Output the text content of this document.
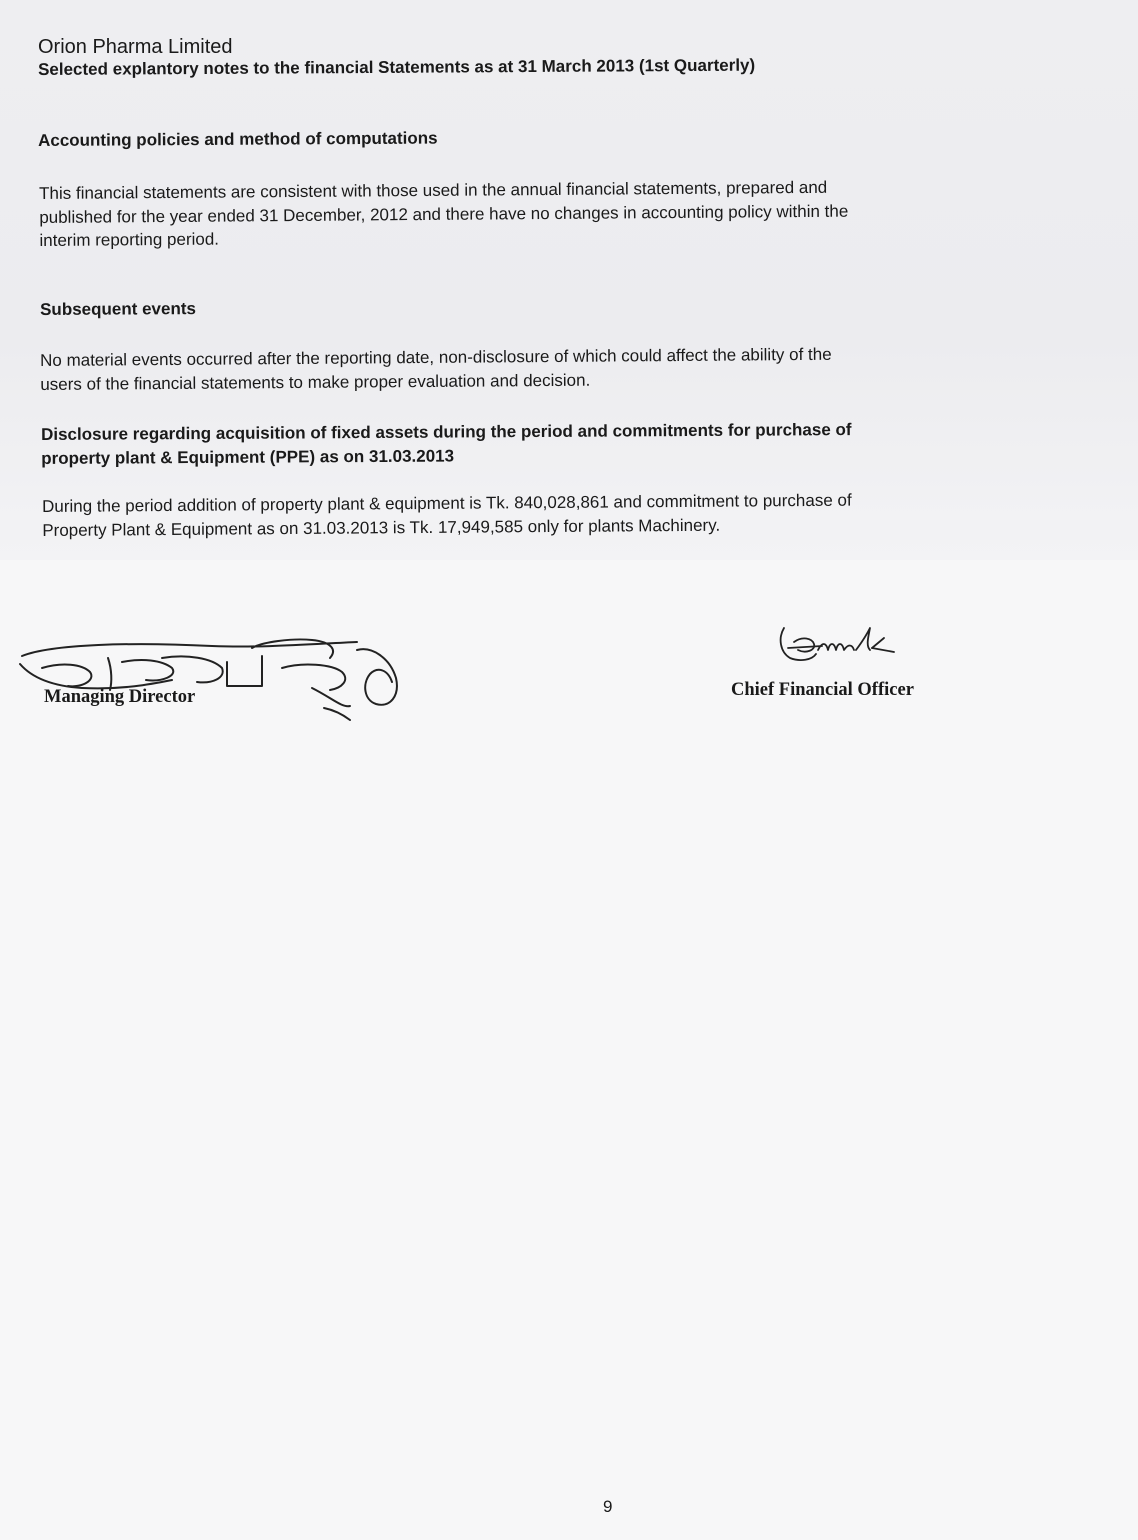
Orion Pharma Limited
Selected explantory notes to the financial Statements as at 31 March 2013 (1st Quarterly)
Accounting policies and method of computations
This financial statements are consistent with those used in the annual financial statements, prepared and
published for the year ended 31 December, 2012 and there have no changes in accounting policy within the
interim reporting period.
Subsequent events
No material events occurred after the reporting date, non-disclosure of which could affect the ability of the
users of the financial statements to make proper evaluation and decision.
Disclosure regarding acquisition of fixed assets during the period and commitments for purchase of
property plant & Equipment (PPE) as on 31.03.2013
During the period addition of property plant & equipment is Tk. 840,028,861 and commitment to purchase of
Property Plant & Equipment as on 31.03.2013 is Tk. 17,949,585 only for plants Machinery.
Managing Director	Chief Financial Officer
9
